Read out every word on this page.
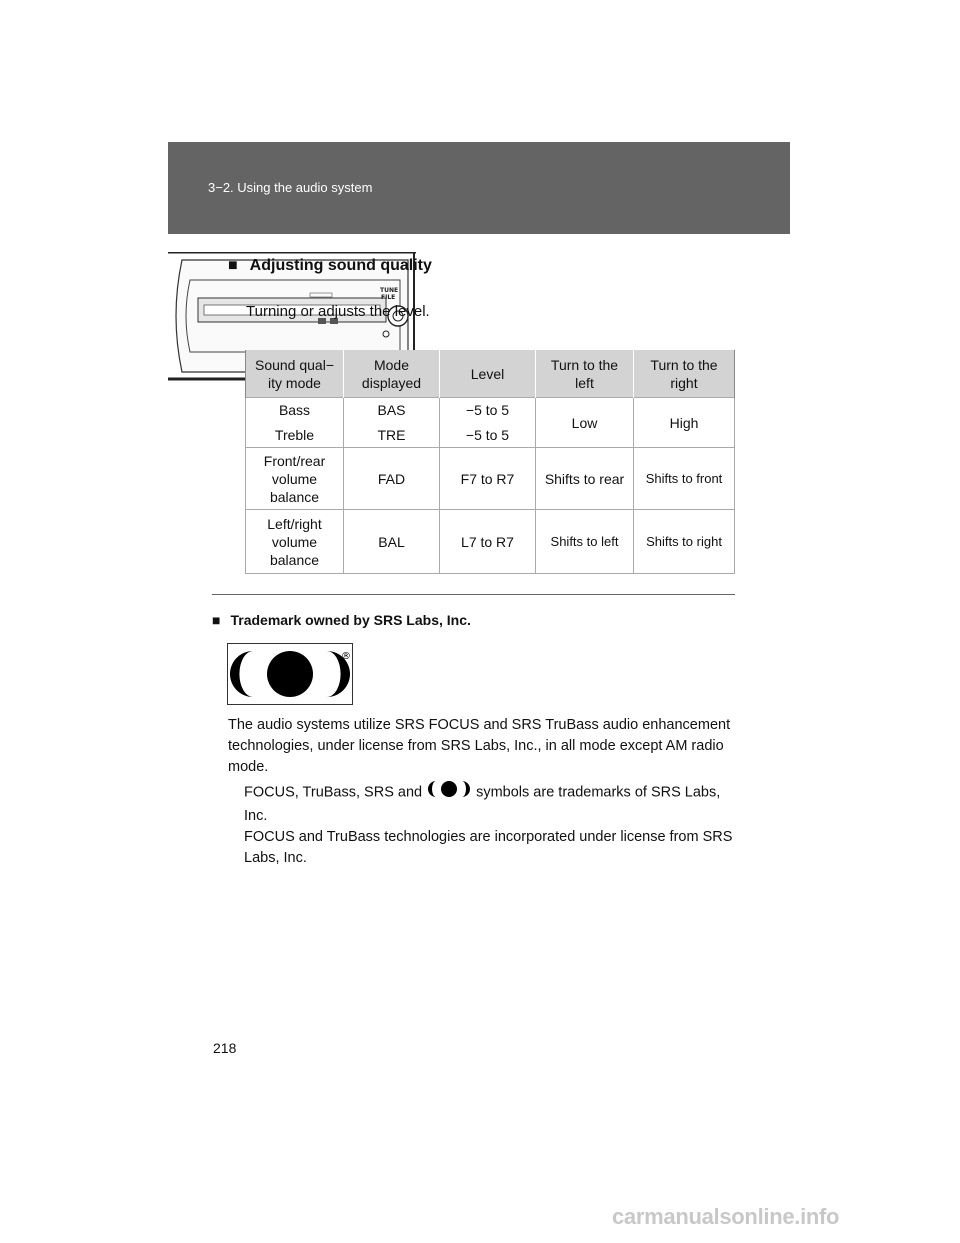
3−2. Using the audio system
TUNE
FILE
■ Adjusting sound quality
Turning or adjusts the level.
Sound qual− ity mode	Mode displayed	Level	Turn to the left	Turn to the right
Bass	BAS	−5 to 5	Low	High
Treble	TRE	−5 to 5		
Front/rear volume balance	FAD	F7 to R7	Shifts to rear	Shifts to front
Left/right volume balance	BAL	L7 to R7	Shifts to left	Shifts to right
■ Trademark owned by SRS Labs, Inc.
®
The audio systems utilize SRS FOCUS and SRS TruBass audio enhancement technologies, under license from SRS Labs, Inc., in all mode except AM radio mode.
FOCUS, TruBass, SRS and	symbols are trademarks of SRS Labs, Inc.
FOCUS and TruBass technologies are incorporated under license from SRS Labs, Inc.
218
carmanualsonline.info
